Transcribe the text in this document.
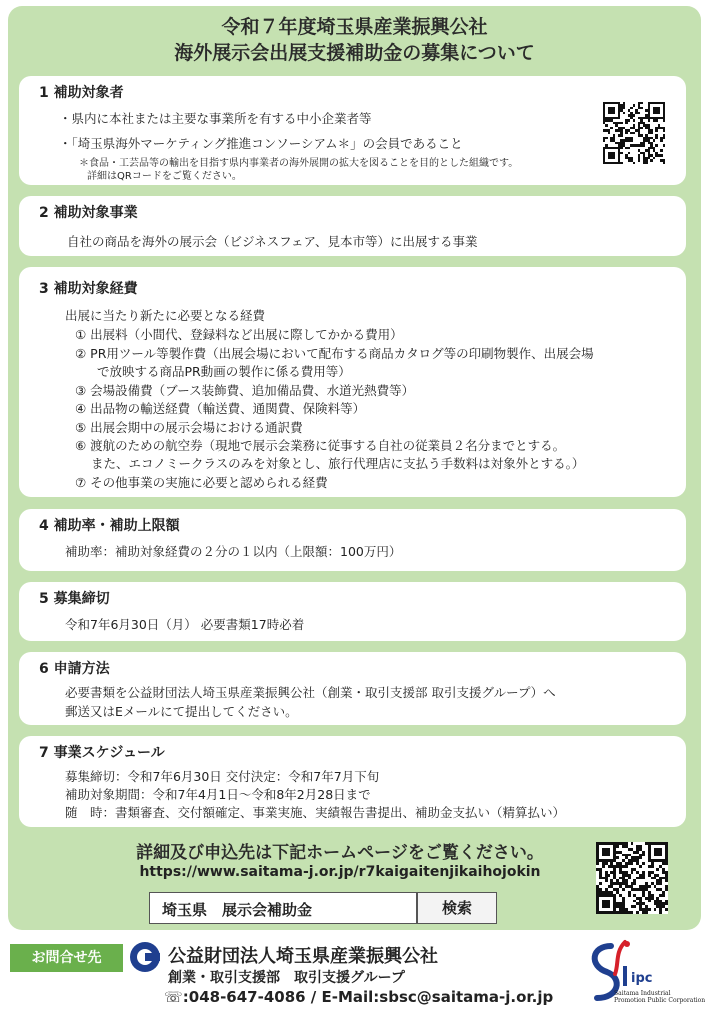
令和７年度埼玉県産業振興公社
海外展示会出展支援補助金の募集について
1 補助対象者
・県内に本社または主要な事業所を有する中小企業者等
・「埼玉県海外マーケティング推進コンソーシアム＊」の会員であること
＊食品・工芸品等の輸出を目指す県内事業者の海外展開の拡大を図ることを目的とした組織です。
詳細はQRコードをご覧ください。
2 補助対象事業
自社の商品を海外の展示会（ビジネスフェア、見本市等）に出展する事業
3 補助対象経費
出展に当たり新たに必要となる経費
① 出展料（小間代、登録料など出展に際してかかる費用）
② PR用ツール等製作費（出展会場において配布する商品カタログ等の印刷物製作、出展会場
で放映する商品PR動画の製作に係る費用等）
③ 会場設備費（ブース装飾費、追加備品費、水道光熱費等）
④ 出品物の輸送経費（輸送費、通関費、保険料等）
⑤ 出展会期中の展示会場における通訳費
⑥ 渡航のための航空券（現地で展示会業務に従事する自社の従業員２名分までとする。
また、エコノミークラスのみを対象とし、旅行代理店に支払う手数料は対象外とする。）
⑦ その他事業の実施に必要と認められる経費
4 補助率・補助上限額
補助率：補助対象経費の２分の１以内（上限額：100万円）
5 募集締切
令和7年6月30日（月） 必要書類17時必着
6 申請方法
必要書類を公益財団法人埼玉県産業振興公社（創業・取引支援部 取引支援グループ）へ
郵送又はEメールにて提出してください。
7 事業スケジュール
募集締切：令和7年6月30日 交付決定：令和7年7月下旬
補助対象期間：令和7年4月1日～令和8年2月28日まで
随　時：書類審査、交付額確定、事業実施、実績報告書提出、補助金支払い（精算払い）
詳細及び申込先は下記ホームページをご覧ください。
https://www.saitama-j.or.jp/r7kaigaitenjikaihojokin
埼玉県　展示会補助金	検索
お問合せ先	公益財団法人埼玉県産業振興公社
創業・取引支援部　取引支援グループ
☏:048-647-4086 / E-Mail:sbsc@saitama-j.or.jp
ipc
Saitama Industrial
Promotion Public Corporation
